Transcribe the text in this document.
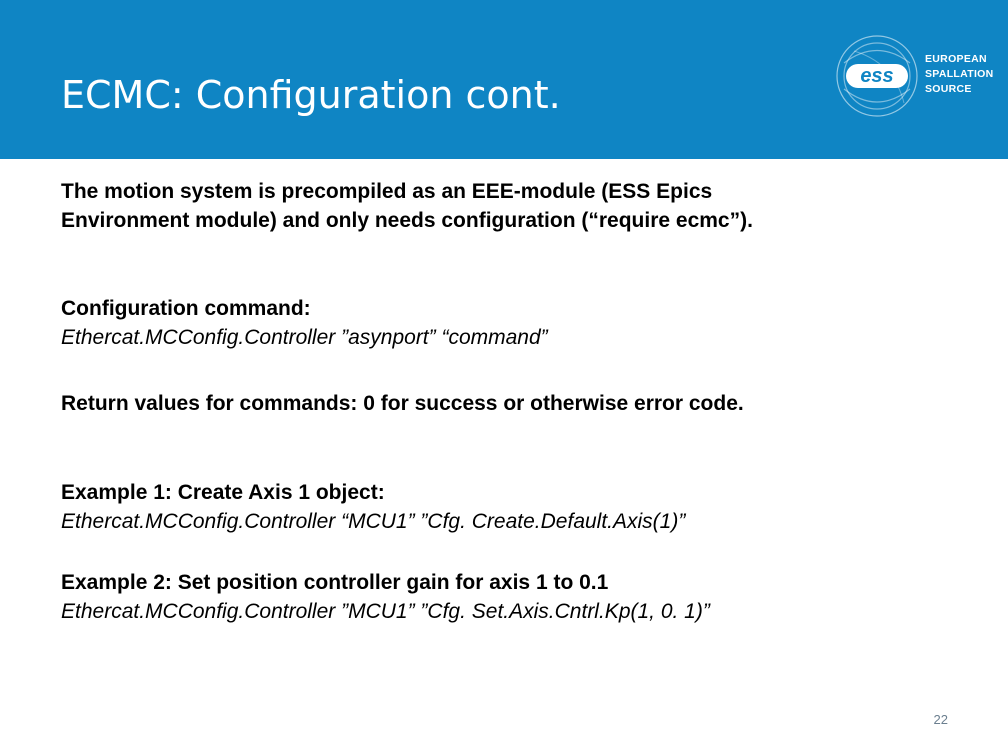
ECMC: Configuration cont.	ess
EUROPEAN
SPALLATION
SOURCE

The motion system is precompiled as an EEE-module (ESS Epics

Environment module) and only needs configuration (“require ecmc”).

Configuration command:

Ethercat.MCConfig.Controller ”asynport” “command”

Return values for commands: 0 for success or otherwise error code.

Example 1: Create Axis 1 object:

Ethercat.MCConfig.Controller “MCU1” ”Cfg. Create.Default.Axis(1)”

Example 2: Set position controller gain for axis 1 to 0.1

Ethercat.MCConfig.Controller ”MCU1” ”Cfg. Set.Axis.Cntrl.Kp(1, 0. 1)”

22
